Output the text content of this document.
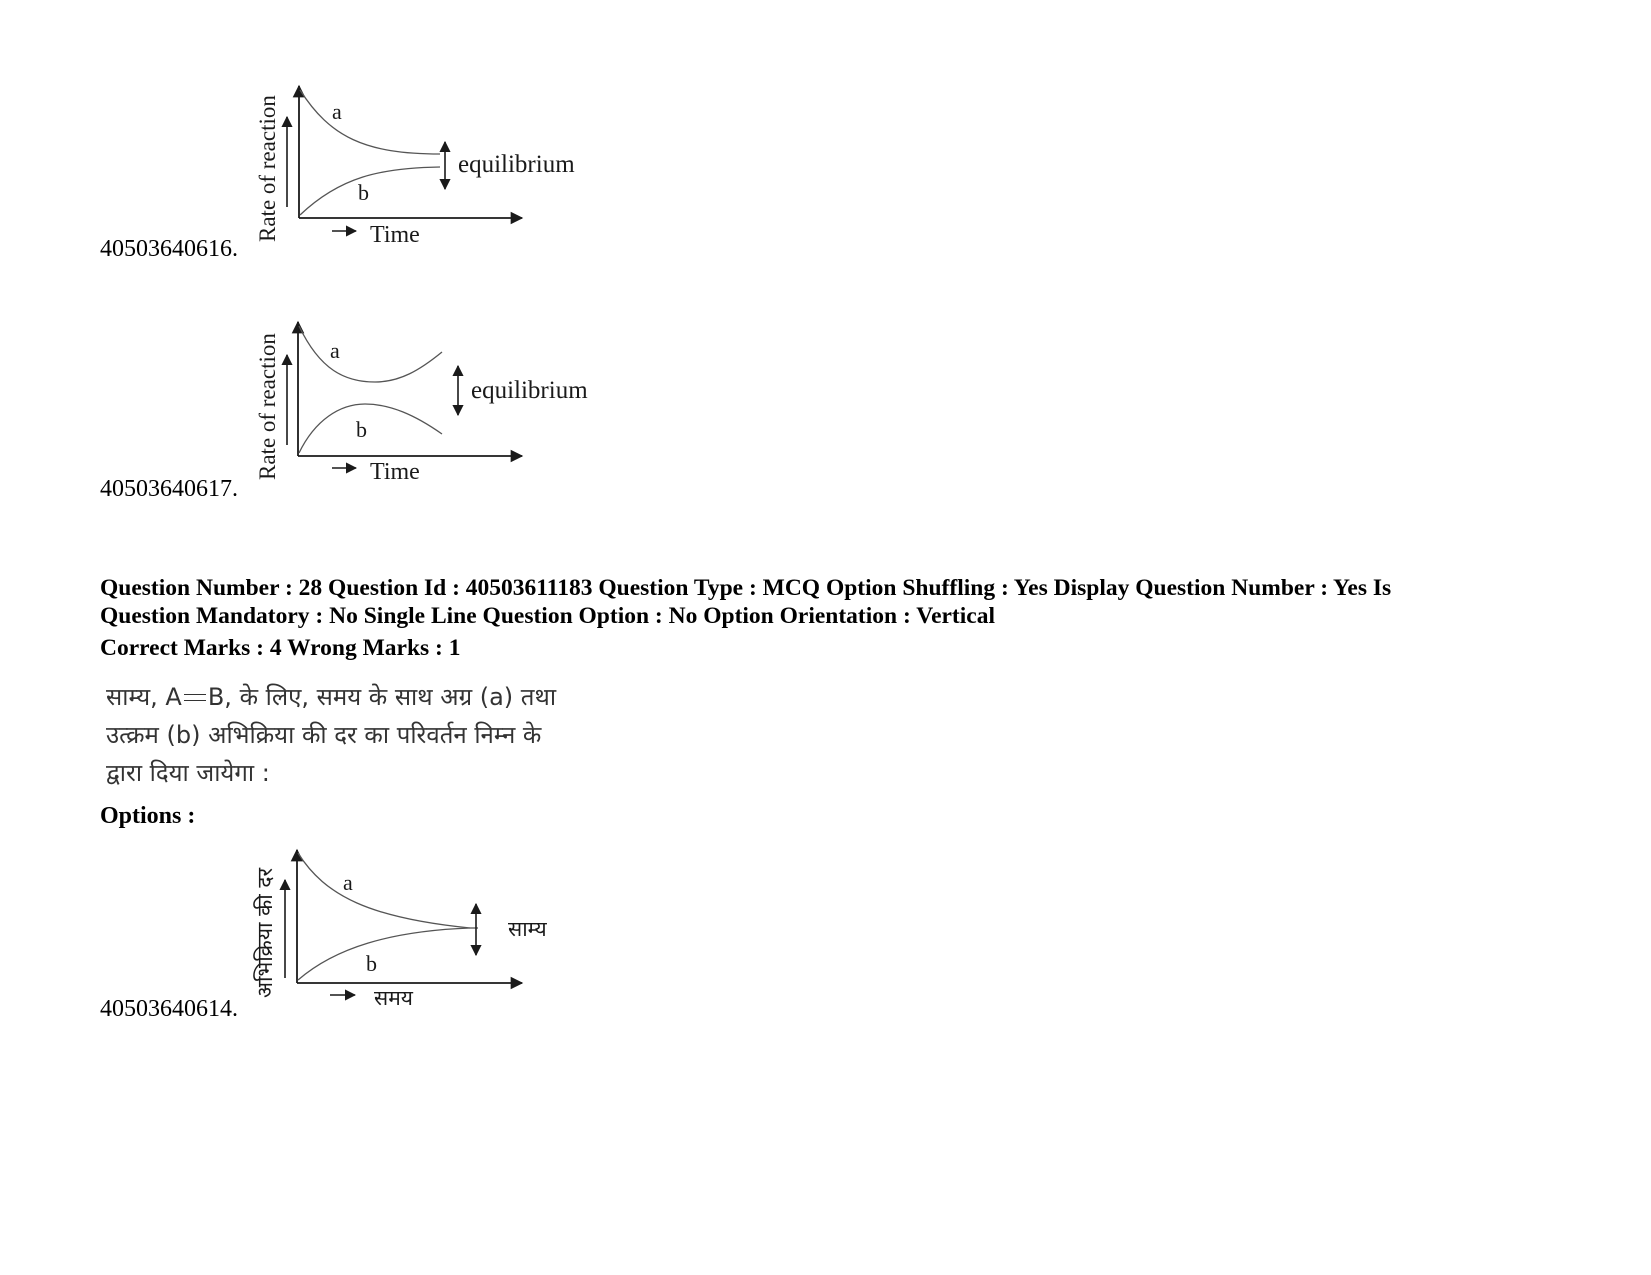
40503640616.
Rate of reaction a
b
equilibrium
Time
40503640617.
Rate of reaction a
b
equilibrium
Time
Question Number : 28 Question Id : 40503611183 Question Type : MCQ Option Shuffling : Yes Display Question Number : Yes Is
Question Mandatory : No Single Line Question Option : No Option Orientation : Vertical
Correct Marks : 4 Wrong Marks : 1
साम्य, A B, के लिए, समय के साथ अग्र (a) तथा
उत्क्रम (b) अभिक्रिया की दर का परिवर्तन निम्न के
द्वारा दिया जायेगा :
Options :
40503640614.
अभिक्रिया की दर	a
b
साम्य
समय
